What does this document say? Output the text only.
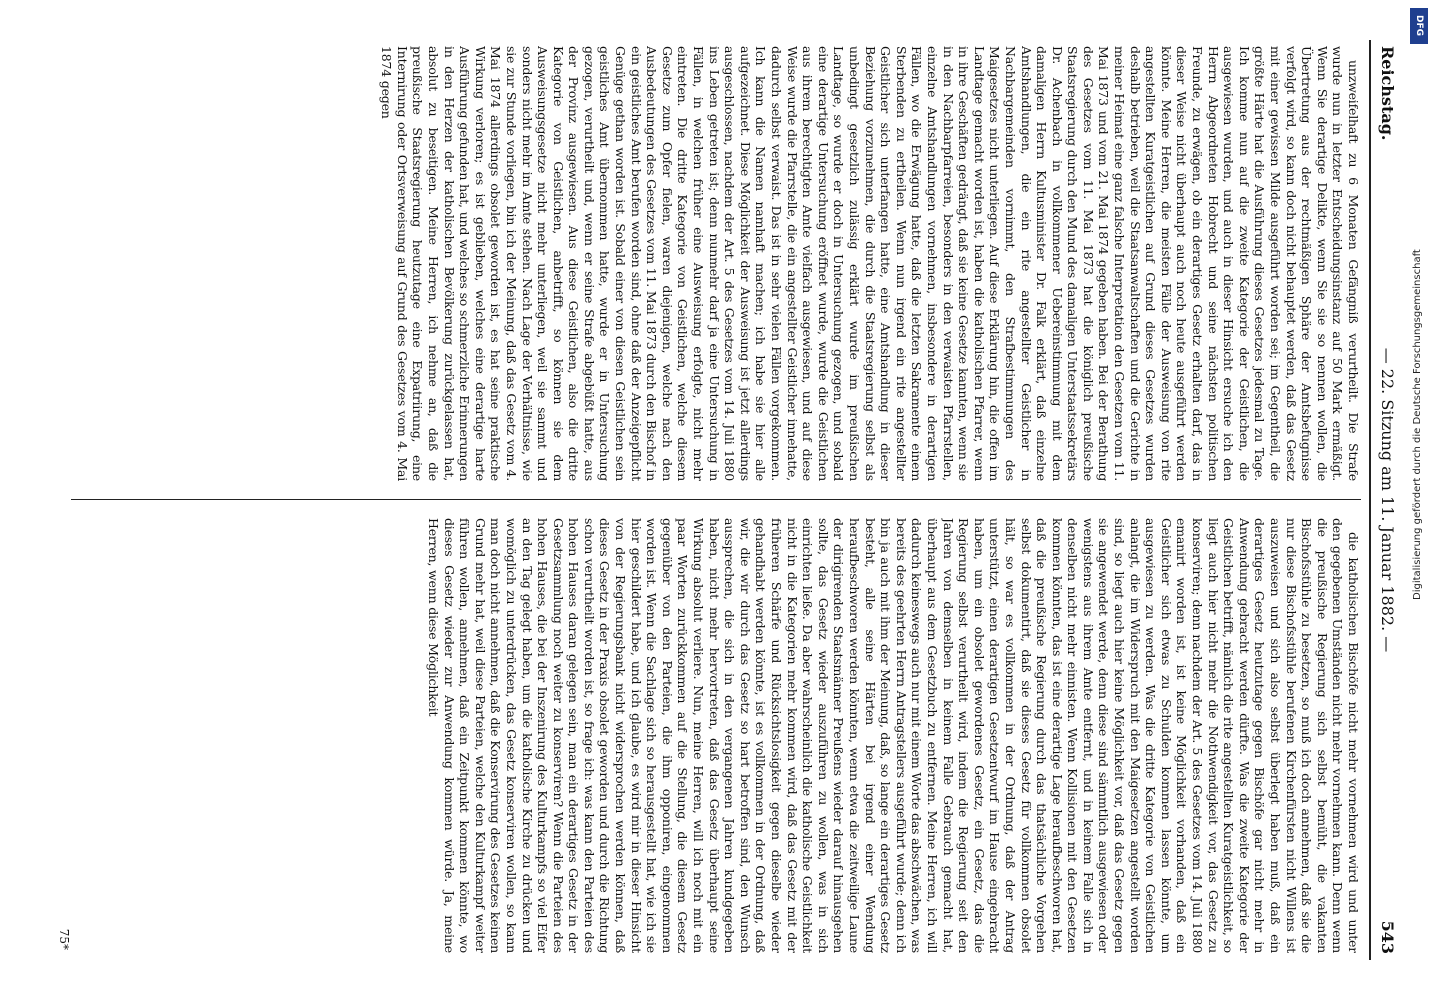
Reichstag.
— 22. Sitzung am 11. Januar 1882. —
543

unzweifelhaft zu 6 Monaten Gefängniß verurtheilt. Die Strafe wurde nun in letzter Entscheidungsinstanz auf 50 Mark ermäßigt. Wenn Sie derartige Delikte, wenn Sie sie so nennen wollen, die Übertretung aus der rechtmäßigen Sphäre der Amtsbefugnisse verfolgt wird, so kann doch nicht behauptet werden, daß das Gesetz mit einer gewissen Milde ausgeführt worden sei; im Gegentheil, die größte Härte hat die Ausführung dieses Gesetzes jedesmal zu Tage. Ich komme nun auf die zweite Kategorie der Geistlichen, die ausgewiesen wurden, und auch in dieser Hinsicht ersuche ich den Herrn Abgeordneten Hobrecht und seine nächsten politischen Freunde, zu erwägen, ob ein derartiges Gesetz erhalten darf, das in dieser Weise nicht überhaupt auch noch heute ausgeführt werden könnte. Meine Herren, die meisten Fälle der Ausweisung von rite angestellten Kuratgeistlichen auf Grund dieses Gesetzes wurden deshalb betrieben, weil die Staatsanwaltschaften und die Gerichte in meiner Heimat eine ganz falsche Interpretation den Gesetzen vom 11. Mai 1873 und vom 21. Mai 1874 gegeben haben. Bei der Berathung des Gesetzes vom 11. Mai 1873 hat die königlich preußische Staatsregierung durch den Mund des damaligen Unterstaatssekretärs Dr. Achenbach in vollkommener Uebereinstimmung mit dem damaligen Herrn Kultusminister Dr. Falk erklärt, daß einzelne Amtshandlungen, die ein rite angestellter Geistlicher in Nachbargemeinden vornimmt, den Strafbestimmungen des Maigesetzes nicht unterliegen. Auf diese Erklärung hin, die offen im Landtage gemacht worden ist, haben die katholischen Pfarrer, wenn in ihre Geschäften gedrängt, daß sie keine Gesetze kannten, wenn sie in den Nachbarpfarreien, besonders in den verwaisten Pfarrstellen, einzelne Amtshandlungen vornehmen, insbesondere in derartigen Fällen, wo die Erwägung hatte, daß die letzten Sakramente einem Sterbenden zu ertheilen. Wenn nun irgend ein rite angestellter Geistlicher sich unterfangen hatte, eine Amtshandlung in dieser Beziehung vorzunehmen, die durch die Staatsregierung selbst als unbedingt gesetzlich zulässig erklärt wurde im preußischen Landtage, so wurde er doch in Untersuchung gezogen, und sobald eine derartige Untersuchung eröffnet wurde, wurde die Geistlichen aus ihrem berechtigten Amte vielfach ausgewiesen, und auf diese Weise wurde die Pfarrstelle, die ein angestellter Geistlicher innehatte, dadurch selbst verwaist. Das ist in sehr vielen Fällen vorgekommen. Ich kann die Namen namhaft machen; ich habe sie hier alle aufgezeichnet. Diese Möglichkeit der Ausweisung ist jetzt allerdings ausgeschlossen, nachdem der Art. 5 des Gesetzes vom 14. Juli 1880 ins Leben getreten ist; denn nunmehr darf ja eine Untersuchung in Fällen, in welchen früher eine Ausweisung erfolgte, nicht mehr eintreten. Die dritte Kategorie von Geistlichen, welche diesem Gesetze zum Opfer fielen, waren diejenigen, welche nach den Ausbedeutungen des Gesetzes vom 11. Mai 1873 durch den Bischof in ein geistliches Amt berufen worden sind, ohne daß der Anzeigepflicht Genüge gethan worden ist. Sobald einer von diesen Geistlichen sein geistliches Amt übernommen hatte, wurde er in Untersuchung gezogen, verurtheilt und, wenn er seine Strafe abgebüßt hatte, aus der Provinz ausgewiesen. Aus diese Geistlichen, also die dritte Kategorie von Geistlichen, anbetrifft, so können sie dem Ausweisungsgesetze nicht mehr unterliegen, weil sie sammt und sonders nicht mehr im Amte stehen. Nach Lage der Verhältnisse, wie sie zur Stunde vorliegen, bin ich der Meinung, daß das Gesetz vom 4. Mai 1874 allerdings obsolet geworden ist, es hat seine praktische Wirkung verloren; es ist geblieben, welches eine derartige harte Ausführung gefunden hat, und welches so schmerzliche Erinnerungen in den Herzen der katholischen Bevölkerung zurückgelassen hat, absolut zu beseitigen. Meine Herren, ich nehme an, daß die preußische Staatsregierung heutzutage eine Expatriirung, eine Internirung oder Ortsverweisung auf Grund des Gesetzes vom 4. Mai 1874 gegen

die katholischen Bischöfe nicht mehr vornehmen wird und unter den gegebenen Umständen nicht mehr vornehmen kann. Denn wenn die preußische Regierung sich selbst bemüht, die vakanten Bischofsstühle zu besetzen, so muß ich doch annehmen, daß sie die nur diese Bischofsstühle berufenen Kirchenfürsten nicht Willens ist auszuweisen und sich also selbst überlegt haben muß, daß ein derartiges Gesetz heutzutage gegen Bischöfe gar nicht mehr in Anwendung gebracht werden dürfte. Was die zweite Kategorie der Geistlichen betrifft, nämlich die rite angestellten Kuratgeistlichkeit, so liegt auch hier nicht mehr die Nothwendigkeit vor, das Gesetz zu konserviren; denn nachdem der Art. 5 des Gesetzes vom 14. Juli 1880 emanirt worden ist, ist keine Möglichkeit vorhanden, daß ein Geistlicher sich etwas zu Schulden kommen lassen könnte, um ausgewiesen zu werden. Was die dritte Kategorie von Geistlichen anlangt, die im Widerspruch mit den Maigesetzen angestellt worden sind, so liegt auch hier keine Möglichkeit vor, daß das Gesetz gegen sie angewendet werde, denn diese sind sämmtlich ausgewiesen oder wenigstens aus ihrem Amte entfernt, und in keinem Falle sich in denselben nicht mehr einnisten. Wenn Kollisionen mit den Gesetzen kommen könnten, das ist eine derartige Lage heraufbeschworen hat, daß die preußische Regierung durch das thatsächliche Vorgehen selbst dokumentirt, daß sie dieses Gesetz für vollkommen obsolet hält, so war es vollkommen in der Ordnung, daß der Antrag unterstützt, einen derartigen Gesetzentwurf im Hause eingebracht haben, um ein obsolet gewordenes Gesetz, ein Gesetz, das die Regierung selbst verurtheilt wird, indem die Regierung seit den Jahren von demselben in keinem Falle Gebrauch gemacht hat, überhaupt aus dem Gesetzbuch zu entfernen. Meine Herren, ich will dadurch keineswegs auch nur mit einem Worte das abschwächen, was bereits des geehrten Herrn Antragstellers ausgeführt wurde; denn ich bin ja auch mit ihm der Meinung, daß, so lange ein derartiges Gesetz besteht, alle seine Härten bei irgend einer Wendung heraufbeschworen werden könnten, wenn etwa die zeitweilige Laune der dirigirenden Staatsmänner Preußens wieder darauf hinausgehen sollte, das Gesetz wieder auszuführen zu wollen, was in sich einrichten ließe. Da aber wahrscheinlich die katholische Geistlichkeit nicht in die Kategorien mehr kommen wird, daß das Gesetz mit der früheren Schärfe und Rücksichtslosigkeit gegen dieselbe wieder gehandhabt werden könnte, ist es vollkommen in der Ordnung, daß wir, die wir durch das Gesetz so hart betroffen sind, den Wunsch aussprechen, die sich in den vergangenen Jahren kundgegeben haben, nicht mehr hervortreten, daß das Gesetz überhaupt seine Wirkung absolut verliere. Nun, meine Herren, will ich noch mit ein paar Worten zurückkommen auf die Stellung, die diesem Gesetz gegenüber von den Parteien, die ihm opponiren, eingenommen worden ist. Wenn die Sachlage sich so herausgestellt hat, wie ich sie hier geschildert habe, und ich glaube, es wird mir in dieser Hinsicht von der Regierungsbank nicht widersprochen werden können, daß dieses Gesetz in der Praxis obsolet geworden und durch die Richtung schon verurtheilt worden ist, so frage ich: was kann den Parteien des hohen Hauses daran gelegen sein, man ein derartiges Gesetz in der Gesetzsammlung noch weiter zu konserviren? Wenn die Parteien des hohen Hauses, die bei der Inszenirung des Kulturkampfs so viel Eifer an den Tag gelegt haben, um die katholische Kirche zu drücken und womöglich zu unterdrücken, das Gesetz konserviren wollen, so kann man doch nicht annehmen, daß die Konservirung des Gesetzes keinen Grund mehr hat, weil diese Parteien, welche den Kulturkampf weiter führen wollen, annehmen, daß ein Zeitpunkt kommen könnte, wo dieses Gesetz wieder zur Anwendung kommen würde. Ja, meine Herren, wenn diese Möglichkeit

75*
DFG
Digitalisierung gefördert durch die Deutsche Forschungsgemeinschaft
